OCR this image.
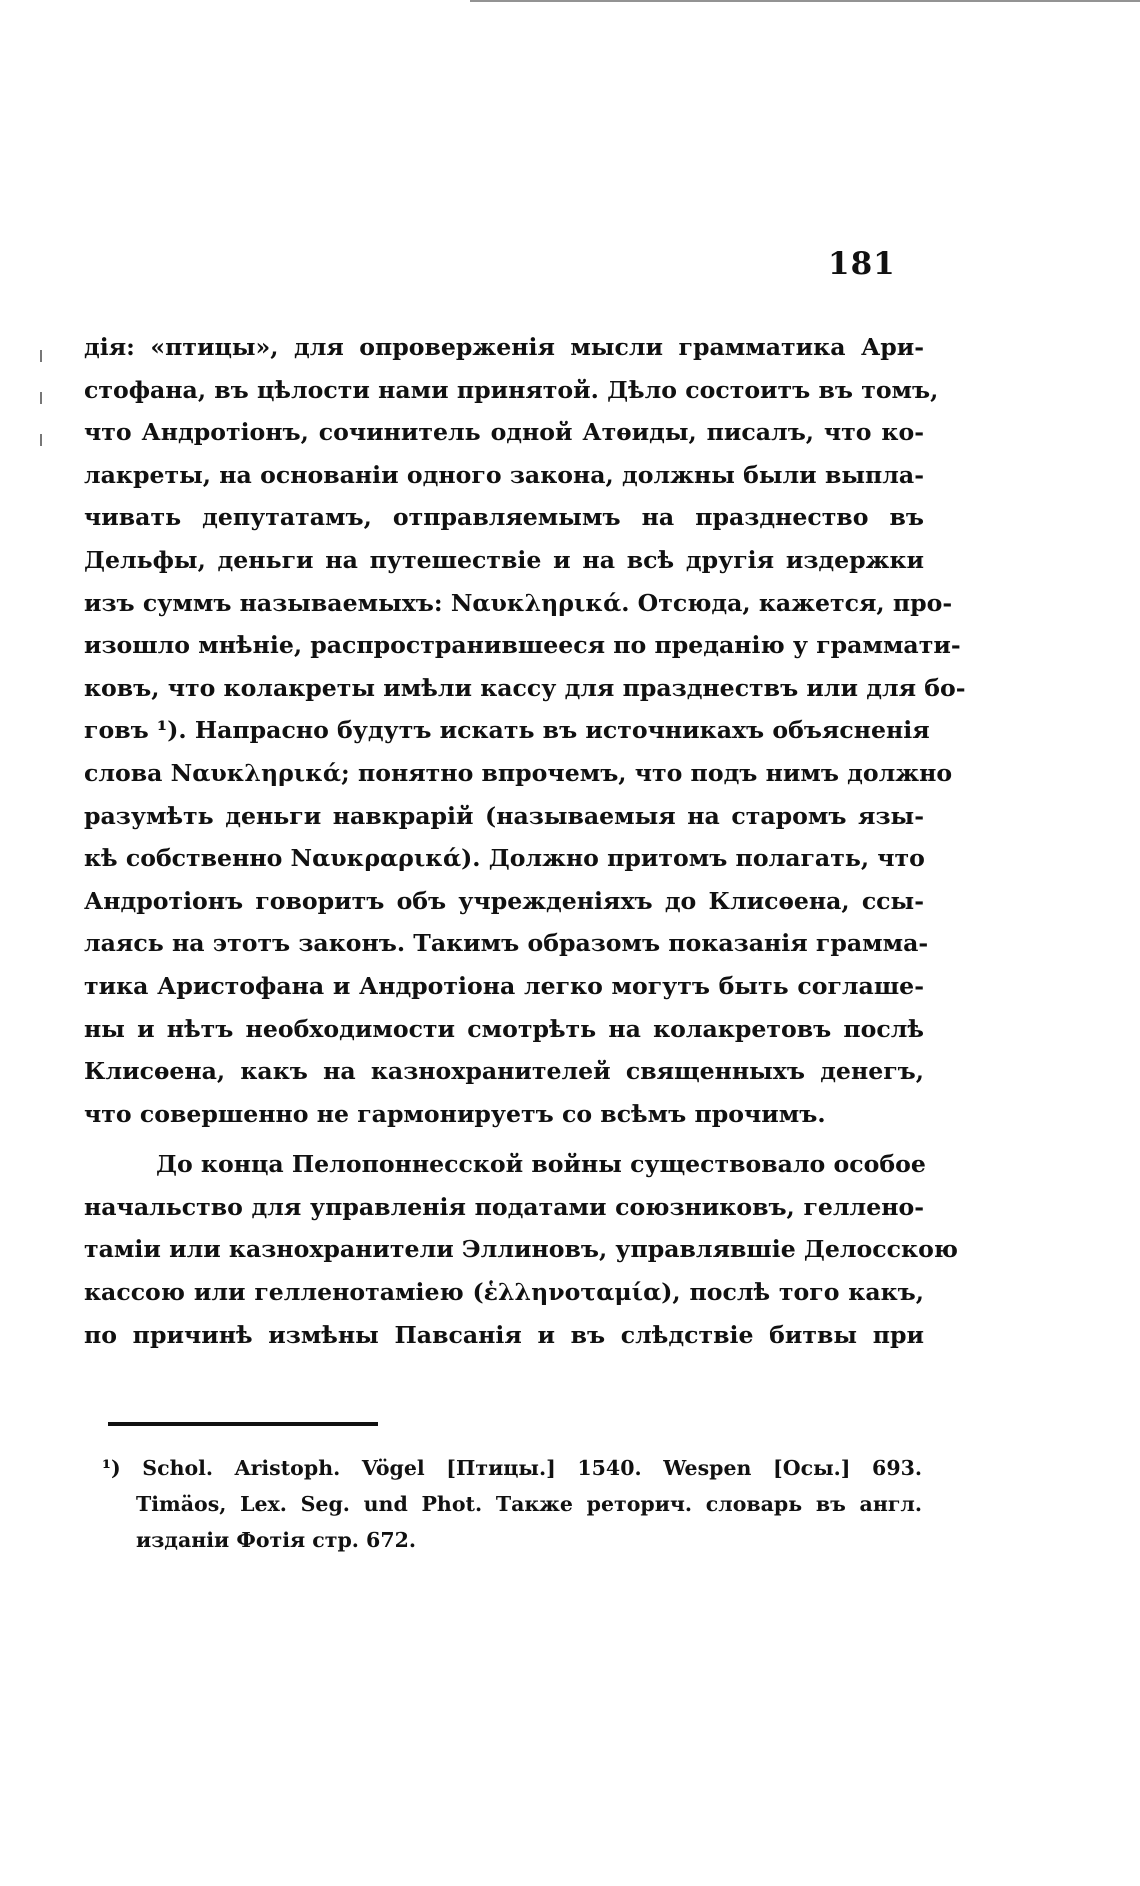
181
дія: «птицы», для опроверженія мысли грамматика Ари-
стофана, въ цѣлости нами принятой. Дѣло состоитъ въ томъ,
что Андротіонъ, сочинитель одной Атѳиды, писалъ, что ко-
лакреты, на основаніи одного закона, должны были выпла-
чивать депутатамъ, отправляемымъ на празднество въ
Дельфы, деньги на путешествіе и на всѣ другія издержки
изъ суммъ называемыхъ: Ναυκληρικά. Отсюда, кажется, про-
изошло мнѣніе, распространившееся по преданію у граммати-
ковъ, что колакреты имѣли кассу для празднествъ или для бо-
говъ ¹). Напрасно будутъ искать въ источникахъ объясненія
слова Ναυκληρικά; понятно впрочемъ, что подъ нимъ должно
разумѣть деньги навкрарій (называемыя на старомъ язы-
кѣ собственно Ναυκραρικά). Должно притомъ полагать, что
Андротіонъ говоритъ объ учрежденіяхъ до Клисѳена, ссы-
лаясь на этотъ законъ. Такимъ образомъ показанія грамма-
тика Аристофана и Андротіона легко могутъ быть соглаше-
ны и нѣтъ необходимости смотрѣть на колакретовъ послѣ
Клисѳена, какъ на казнохранителей священныхъ денегъ,
что совершенно не гармонируетъ со всѣмъ прочимъ.
До конца Пелопоннесской войны существовало особое
начальство для управленія податами союзниковъ, гелленo-
таміи или казнохранители Эллиновъ, управлявшіе Делосскою
кассою или гелленотаміею (ἑλληνοταμία), послѣ того какъ,
по причинѣ измѣны Павсанія и въ слѣдствіе битвы при
¹) Schol. Aristoph. Vögel [Птицы.] 1540. Wespen [Осы.] 693.
Timäos, Lex. Seg. und Phot. Также реторич. словарь въ англ.
изданіи Фотія стр. 672.
